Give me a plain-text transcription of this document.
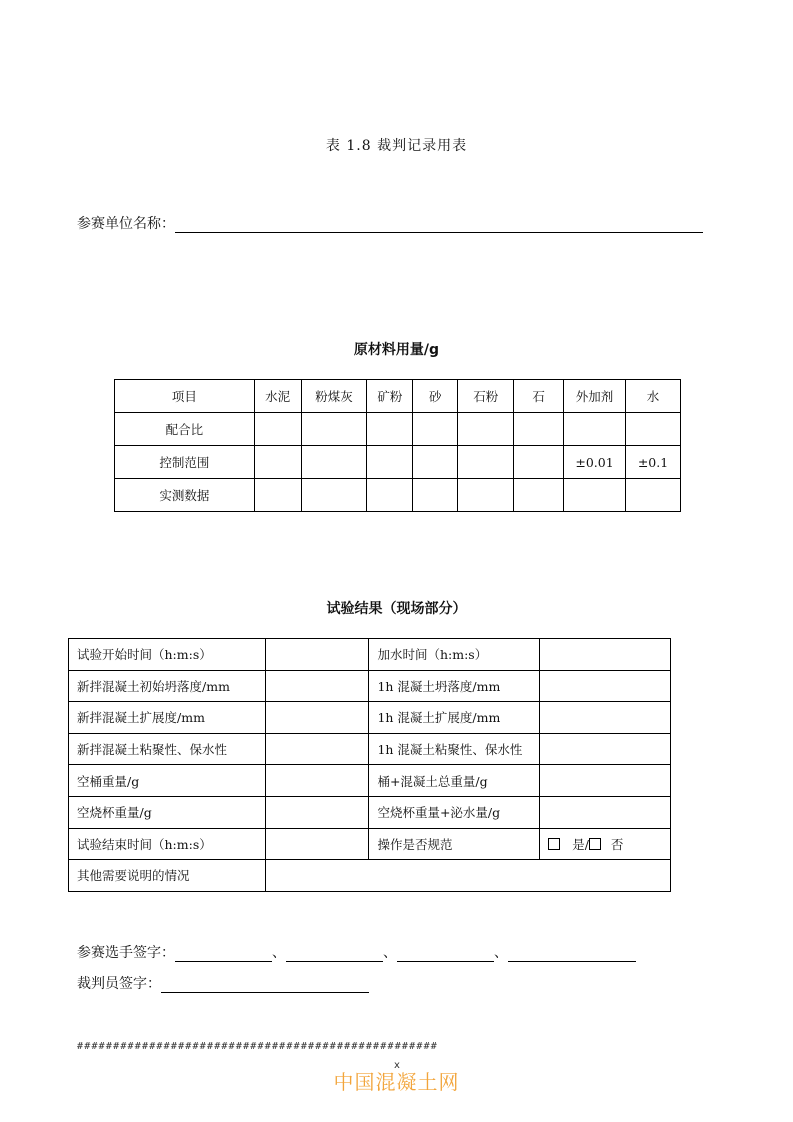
表 1.8 裁判记录用表
参赛单位名称：
原材料用量/g
项目	水泥	粉煤灰	矿粉	砂	石粉	石	外加剂	水
配合比								
控制范围							±0.01	±0.1
实测数据								
试验结果（现场部分）
试验开始时间（h:m:s）		加水时间（h:m:s）	
新拌混凝土初始坍落度/mm		1h 混凝土坍落度/mm	
新拌混凝土扩展度/mm		1h 混凝土扩展度/mm	
新拌混凝土粘聚性、保水性		1h 混凝土粘聚性、保水性	
空桶重量/g		桶+混凝土总重量/g	
空烧杯重量/g		空烧杯重量+泌水量/g	
试验结束时间（h:m:s）		操作是否规范	是/ 否
其他需要说明的情况			
参赛选手签字：	、	、	、
裁判员签字：
##################################################
x
中国混凝土网
